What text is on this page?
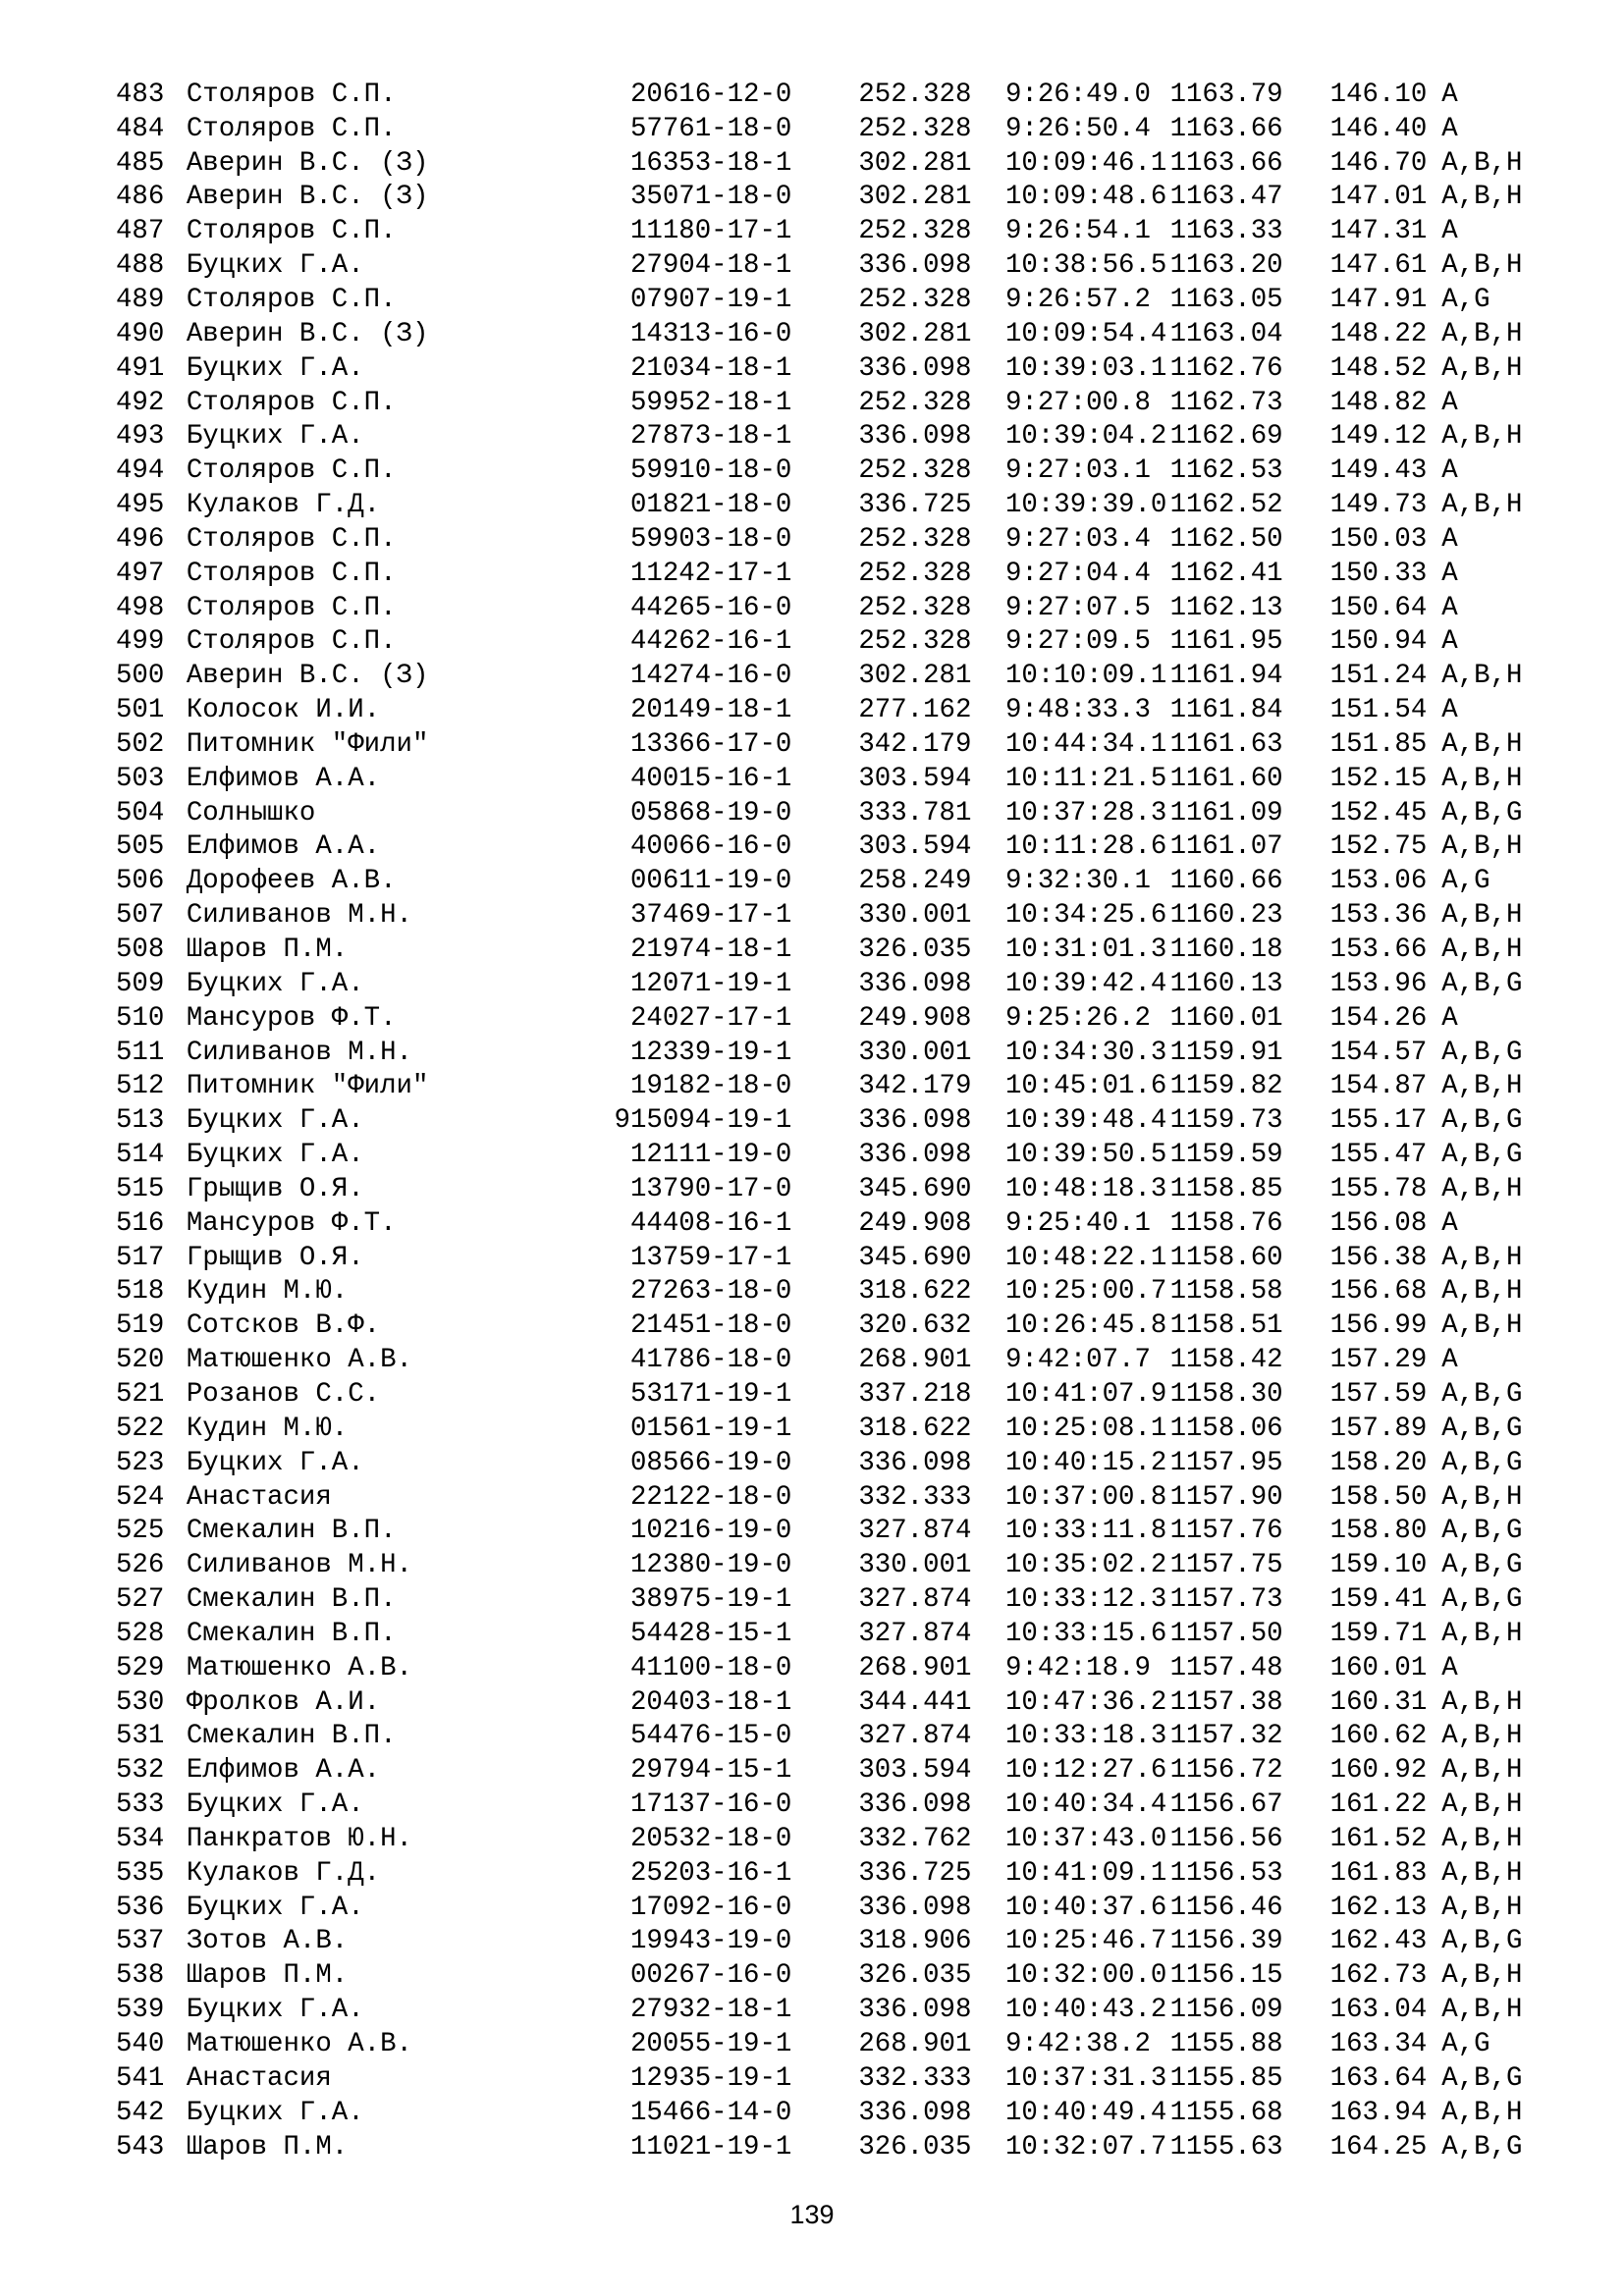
483 Столяров С.П.	20616-12-0 252.328	9:26:49.0 1163.79	146.10 A
484 Столяров С.П.	57761-18-0 252.328	9:26:50.4 1163.66	146.40 A
485 Аверин В.С. (З)	16353-18-1 302.281	10:09:46.1 1163.66	146.70 A,B,H
486 Аверин В.С. (З)	35071-18-0 302.281	10:09:48.6 1163.47	147.01 A,B,H
487 Столяров С.П.	11180-17-1 252.328	9:26:54.1 1163.33	147.31 A
488 Буцких Г.А.	27904-18-1 336.098	10:38:56.5 1163.20	147.61 A,B,H
489 Столяров С.П.	07907-19-1 252.328	9:26:57.2 1163.05	147.91 A,G
490 Аверин В.С. (З)	14313-16-0 302.281	10:09:54.4 1163.04	148.22 A,B,H
491 Буцких Г.А.	21034-18-1 336.098	10:39:03.1 1162.76	148.52 A,B,H
492 Столяров С.П.	59952-18-1 252.328	9:27:00.8 1162.73	148.82 A
493 Буцких Г.А.	27873-18-1 336.098	10:39:04.2 1162.69	149.12 A,B,H
494 Столяров С.П.	59910-18-0 252.328	9:27:03.1 1162.53	149.43 A
495 Кулаков Г.Д.	01821-18-0 336.725	10:39:39.0 1162.52	149.73 A,B,H
496 Столяров С.П.	59903-18-0 252.328	9:27:03.4 1162.50	150.03 A
497 Столяров С.П.	11242-17-1 252.328	9:27:04.4 1162.41	150.33 A
498 Столяров С.П.	44265-16-0 252.328	9:27:07.5 1162.13	150.64 A
499 Столяров С.П.	44262-16-1 252.328	9:27:09.5 1161.95	150.94 A
500 Аверин В.С. (З)	14274-16-0 302.281	10:10:09.1 1161.94	151.24 A,B,H
501 Колосок И.И.	20149-18-1 277.162	9:48:33.3 1161.84	151.54 A
502 Питомник "Фили"	13366-17-0 342.179	10:44:34.1 1161.63	151.85 A,B,H
503 Елфимов А.А.	40015-16-1 303.594	10:11:21.5 1161.60	152.15 A,B,H
504 Солнышко	05868-19-0 333.781	10:37:28.3 1161.09	152.45 A,B,G
505 Елфимов А.А.	40066-16-0 303.594	10:11:28.6 1161.07	152.75 A,B,H
506 Дорофеев А.В.	00611-19-0 258.249	9:32:30.1 1160.66	153.06 A,G
507 Силиванов М.Н.	37469-17-1 330.001	10:34:25.6 1160.23	153.36 A,B,H
508 Шаров П.М.	21974-18-1 326.035	10:31:01.3 1160.18	153.66 A,B,H
509 Буцких Г.А.	12071-19-1 336.098	10:39:42.4 1160.13	153.96 A,B,G
510 Мансуров Ф.Т.	24027-17-1 249.908	9:25:26.2 1160.01	154.26 A
511 Силиванов М.Н.	12339-19-1 330.001	10:34:30.3 1159.91	154.57 A,B,G
512 Питомник "Фили"	19182-18-0 342.179	10:45:01.6 1159.82	154.87 A,B,H
513 Буцких Г.А.	915094-19-1 336.098	10:39:48.4 1159.73	155.17 A,B,G
514 Буцких Г.А.	12111-19-0 336.098	10:39:50.5 1159.59	155.47 A,B,G
515 Грыщив О.Я.	13790-17-0 345.690	10:48:18.3 1158.85	155.78 A,B,H
516 Мансуров Ф.Т.	44408-16-1 249.908	9:25:40.1 1158.76	156.08 A
517 Грыщив О.Я.	13759-17-1 345.690	10:48:22.1 1158.60	156.38 A,B,H
518 Кудин М.Ю.	27263-18-0 318.622	10:25:00.7 1158.58	156.68 A,B,H
519 Сотсков В.Ф.	21451-18-0 320.632	10:26:45.8 1158.51	156.99 A,B,H
520 Матюшенко А.В.	41786-18-0 268.901	9:42:07.7 1158.42	157.29 A
521 Розанов С.С.	53171-19-1 337.218	10:41:07.9 1158.30	157.59 A,B,G
522 Кудин М.Ю.	01561-19-1 318.622	10:25:08.1 1158.06	157.89 A,B,G
523 Буцких Г.А.	08566-19-0 336.098	10:40:15.2 1157.95	158.20 A,B,G
524 Анастасия	22122-18-0 332.333	10:37:00.8 1157.90	158.50 A,B,H
525 Смекалин В.П.	10216-19-0 327.874	10:33:11.8 1157.76	158.80 A,B,G
526 Силиванов М.Н.	12380-19-0 330.001	10:35:02.2 1157.75	159.10 A,B,G
527 Смекалин В.П.	38975-19-1 327.874	10:33:12.3 1157.73	159.41 A,B,G
528 Смекалин В.П.	54428-15-1 327.874	10:33:15.6 1157.50	159.71 A,B,H
529 Матюшенко А.В.	41100-18-0 268.901	9:42:18.9 1157.48	160.01 A
530 Фролков А.И.	20403-18-1 344.441	10:47:36.2 1157.38	160.31 A,B,H
531 Смекалин В.П.	54476-15-0 327.874	10:33:18.3 1157.32	160.62 A,B,H
532 Елфимов А.А.	29794-15-1 303.594	10:12:27.6 1156.72	160.92 A,B,H
533 Буцких Г.А.	17137-16-0 336.098	10:40:34.4 1156.67	161.22 A,B,H
534 Панкратов Ю.Н.	20532-18-0 332.762	10:37:43.0 1156.56	161.52 A,B,H
535 Кулаков Г.Д.	25203-16-1 336.725	10:41:09.1 1156.53	161.83 A,B,H
536 Буцких Г.А.	17092-16-0 336.098	10:40:37.6 1156.46	162.13 A,B,H
537 Зотов А.В.	19943-19-0 318.906	10:25:46.7 1156.39	162.43 A,B,G
538 Шаров П.М.	00267-16-0 326.035	10:32:00.0 1156.15	162.73 A,B,H
539 Буцких Г.А.	27932-18-1 336.098	10:40:43.2 1156.09	163.04 A,B,H
540 Матюшенко А.В.	20055-19-1 268.901	9:42:38.2 1155.88	163.34 A,G
541 Анастасия	12935-19-1 332.333	10:37:31.3 1155.85	163.64 A,B,G
542 Буцких Г.А.	15466-14-0 336.098	10:40:49.4 1155.68	163.94 A,B,H
543 Шаров П.М.	11021-19-1 326.035	10:32:07.7 1155.63	164.25 A,B,G
139
